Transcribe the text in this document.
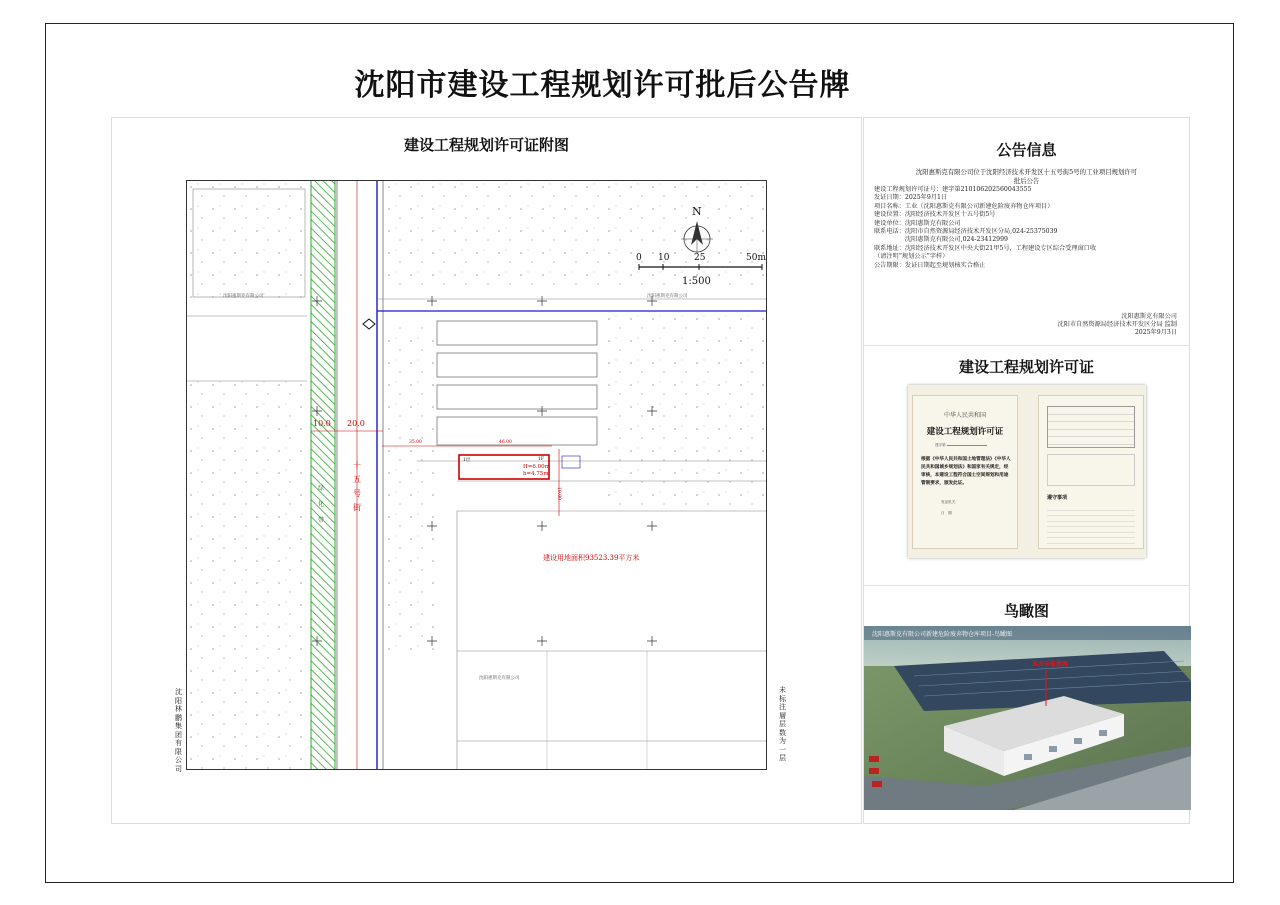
沈阳市建设工程规划许可批后公告牌
建设工程规划许可证附图
N
0 10	25	50m
1:500
10.0 20.0
十
五
号
街
绿
化
带
35.00	46.00
19.00
1层	1F
H=6.00m
h=4.75m
建设用地面积93523.39平方米
沈阳惠斯克有限公司	沈阳惠斯克有限公司
沈阳惠斯克有限公司
沈阳林鹏集团有限公司
未标注層层数为一层
公告信息
沈阳惠斯克有限公司位于沈阳经济技术开发区十五号街5号的工业项目规划许可
批后公告
建设工程规划许可证号：建字第210106202560043555
发证日期：2025年9月1日
项目名称：工业（沈阳惠斯克有限公司新建危险废弃物仓库项目）
建设位置：沈阳经济技术开发区十五号街5号
建设单位：沈阳惠斯克有限公司
联系电话：沈阳市自然资源局经济技术开发区分局,024-25375039
　　　　　沈阳惠斯克有限公司,024-23412999
联系地址：沈阳经济技术开发区中央大街21甲5号，工程建设专区综合受理窗口收
（请注明“规划公示”字样）
公告期限：发证日期起至规划核实合格止
沈阳惠斯克有限公司
沈阳市自然资源局经济技术开发区分局 监制
2025年9月3日
建设工程规划许可证
中华人民共和国
建设工程规划许可证
建字第
根据《中华人民共和国土地管理法》《中华人民共和国城乡规划法》和国家有关规定，经审核，本建设工程符合国土空间规划和用途管制要求，颁发此证。
发证机关
日　期
遵守事项
鸟瞰图
沈阳惠斯克有限公司新建危险废弃物仓库项目-鸟瞰图
本次申报建筑
